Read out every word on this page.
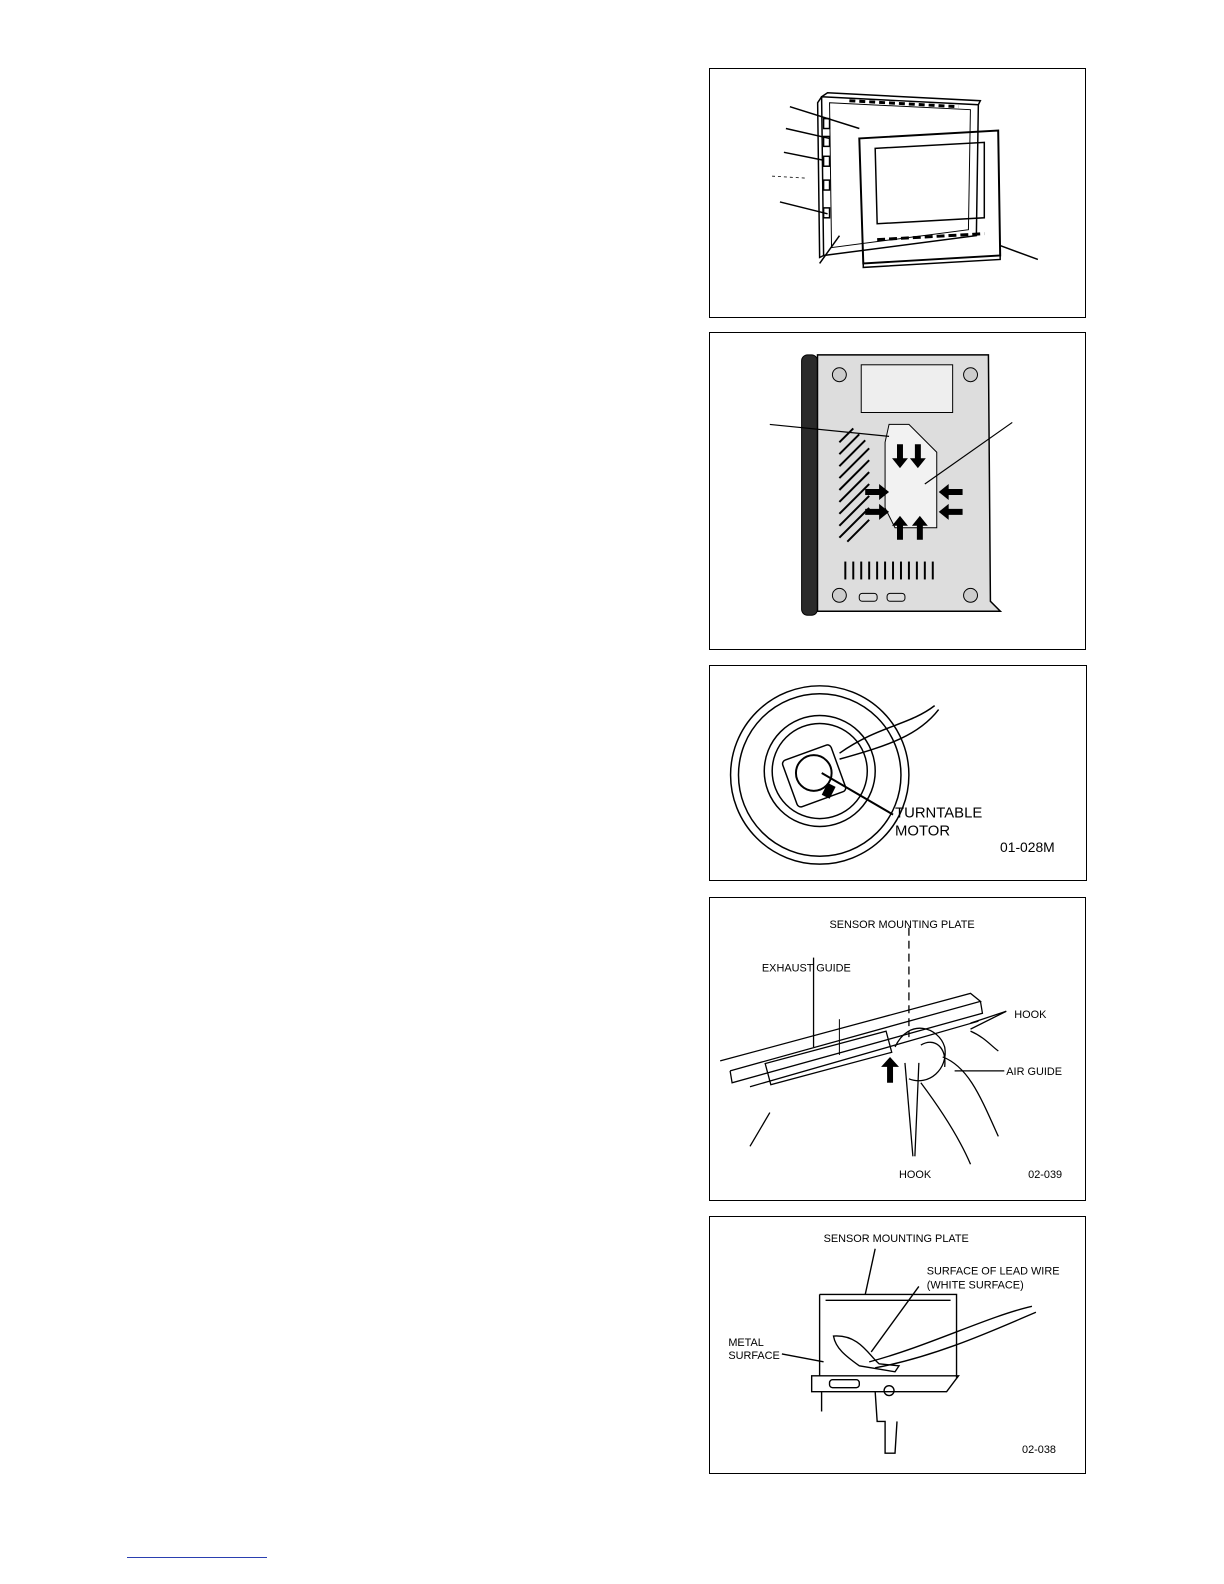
TURNTABLE
MOTOR
01-028M
SENSOR MOUNTING PLATE
EXHAUST GUIDE
HOOK
AIR GUIDE
HOOK	02-039
SENSOR MOUNTING PLATE
SURFACE OF LEAD WIRE
(WHITE SURFACE)
METAL
SURFACE
02-038
